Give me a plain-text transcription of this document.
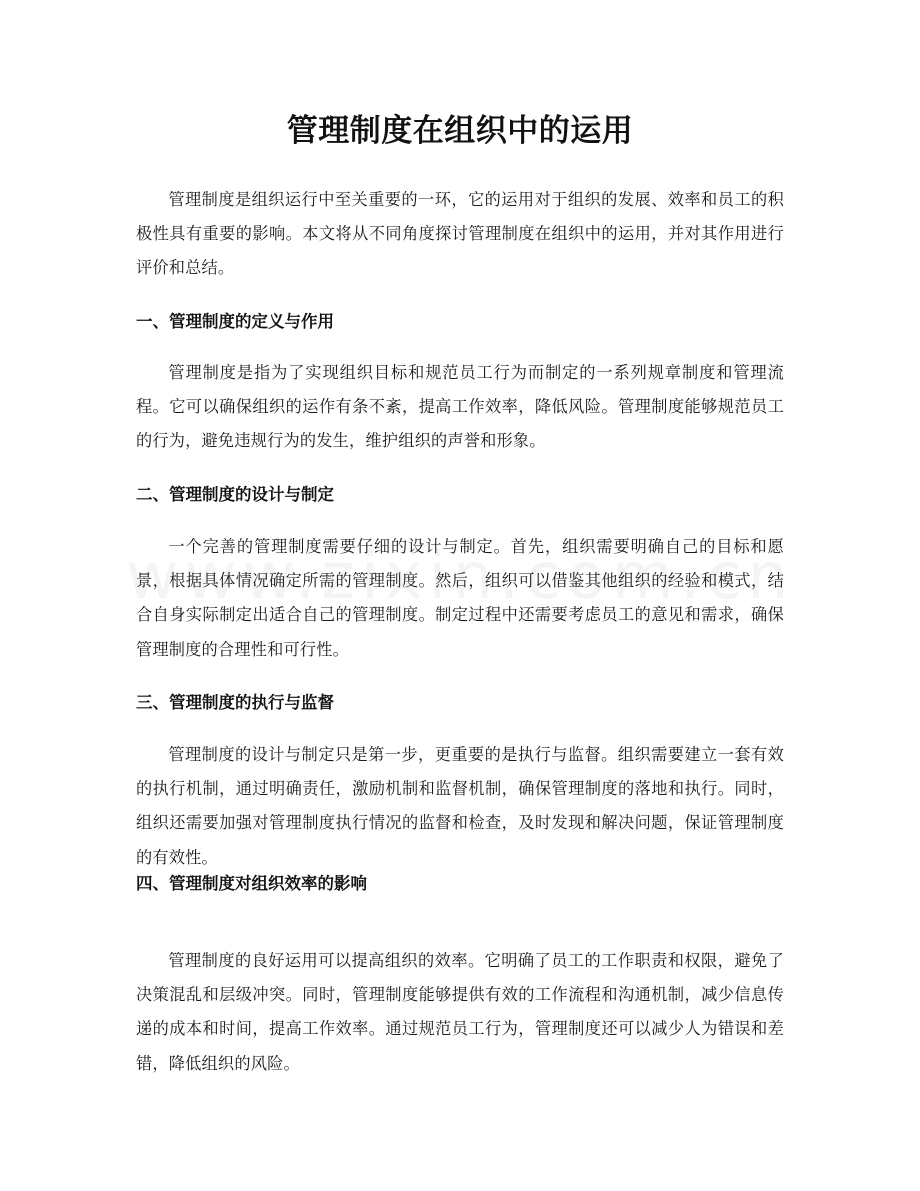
管理制度在组织中的运用

管理制度是组织运行中至关重要的一环，它的运用对于组织的发展、效率和员工的积极性具有重要的影响。本文将从不同角度探讨管理制度在组织中的运用，并对其作用进行评价和总结。

一、管理制度的定义与作用

管理制度是指为了实现组织目标和规范员工行为而制定的一系列规章制度和管理流程。它可以确保组织的运作有条不紊，提高工作效率，降低风险。管理制度能够规范员工的行为，避免违规行为的发生，维护组织的声誉和形象。

二、管理制度的设计与制定

一个完善的管理制度需要仔细的设计与制定。首先，组织需要明确自己的目标和愿景，根据具体情况确定所需的管理制度。然后，组织可以借鉴其他组织的经验和模式，结合自身实际制定出适合自己的管理制度。制定过程中还需要考虑员工的意见和需求，确保管理制度的合理性和可行性。

三、管理制度的执行与监督

管理制度的设计与制定只是第一步，更重要的是执行与监督。组织需要建立一套有效的执行机制，通过明确责任，激励机制和监督机制，确保管理制度的落地和执行。同时，组织还需要加强对管理制度执行情况的监督和检查，及时发现和解决问题，保证管理制度的有效性。

四、管理制度对组织效率的影响

管理制度的良好运用可以提高组织的效率。它明确了员工的工作职责和权限，避免了决策混乱和层级冲突。同时，管理制度能够提供有效的工作流程和沟通机制，减少信息传递的成本和时间，提高工作效率。通过规范员工行为，管理制度还可以减少人为错误和差错，降低组织的风险。
